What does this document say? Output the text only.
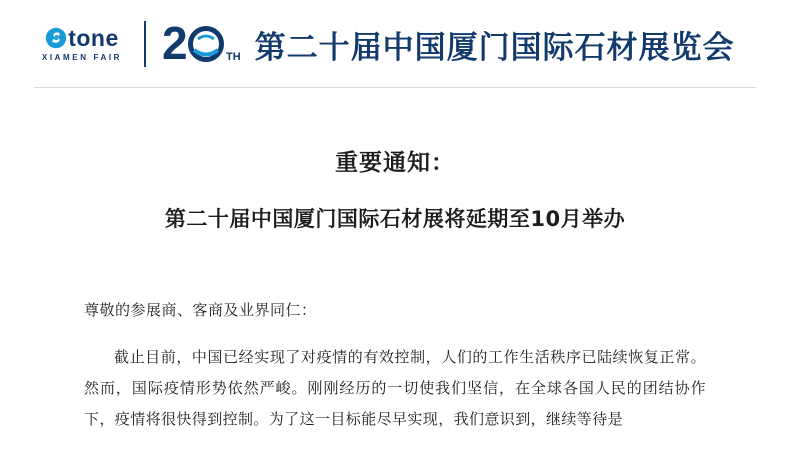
tone
XIAMEN FAIR 2	TH 第二十届中国厦门国际石材展览会
重要通知：
第二十届中国厦门国际石材展将延期至10月举办
尊敬的参展商、客商及业界同仁：
截止目前，中国已经实现了对疫情的有效控制，人们的工作生活秩序已陆续恢复正常。然而，国际疫情形势依然严峻。刚刚经历的一切使我们坚信，在全球各国人民的团结协作下，疫情将很快得到控制。为了这一目标能尽早实现，我们意识到，继续等待是
